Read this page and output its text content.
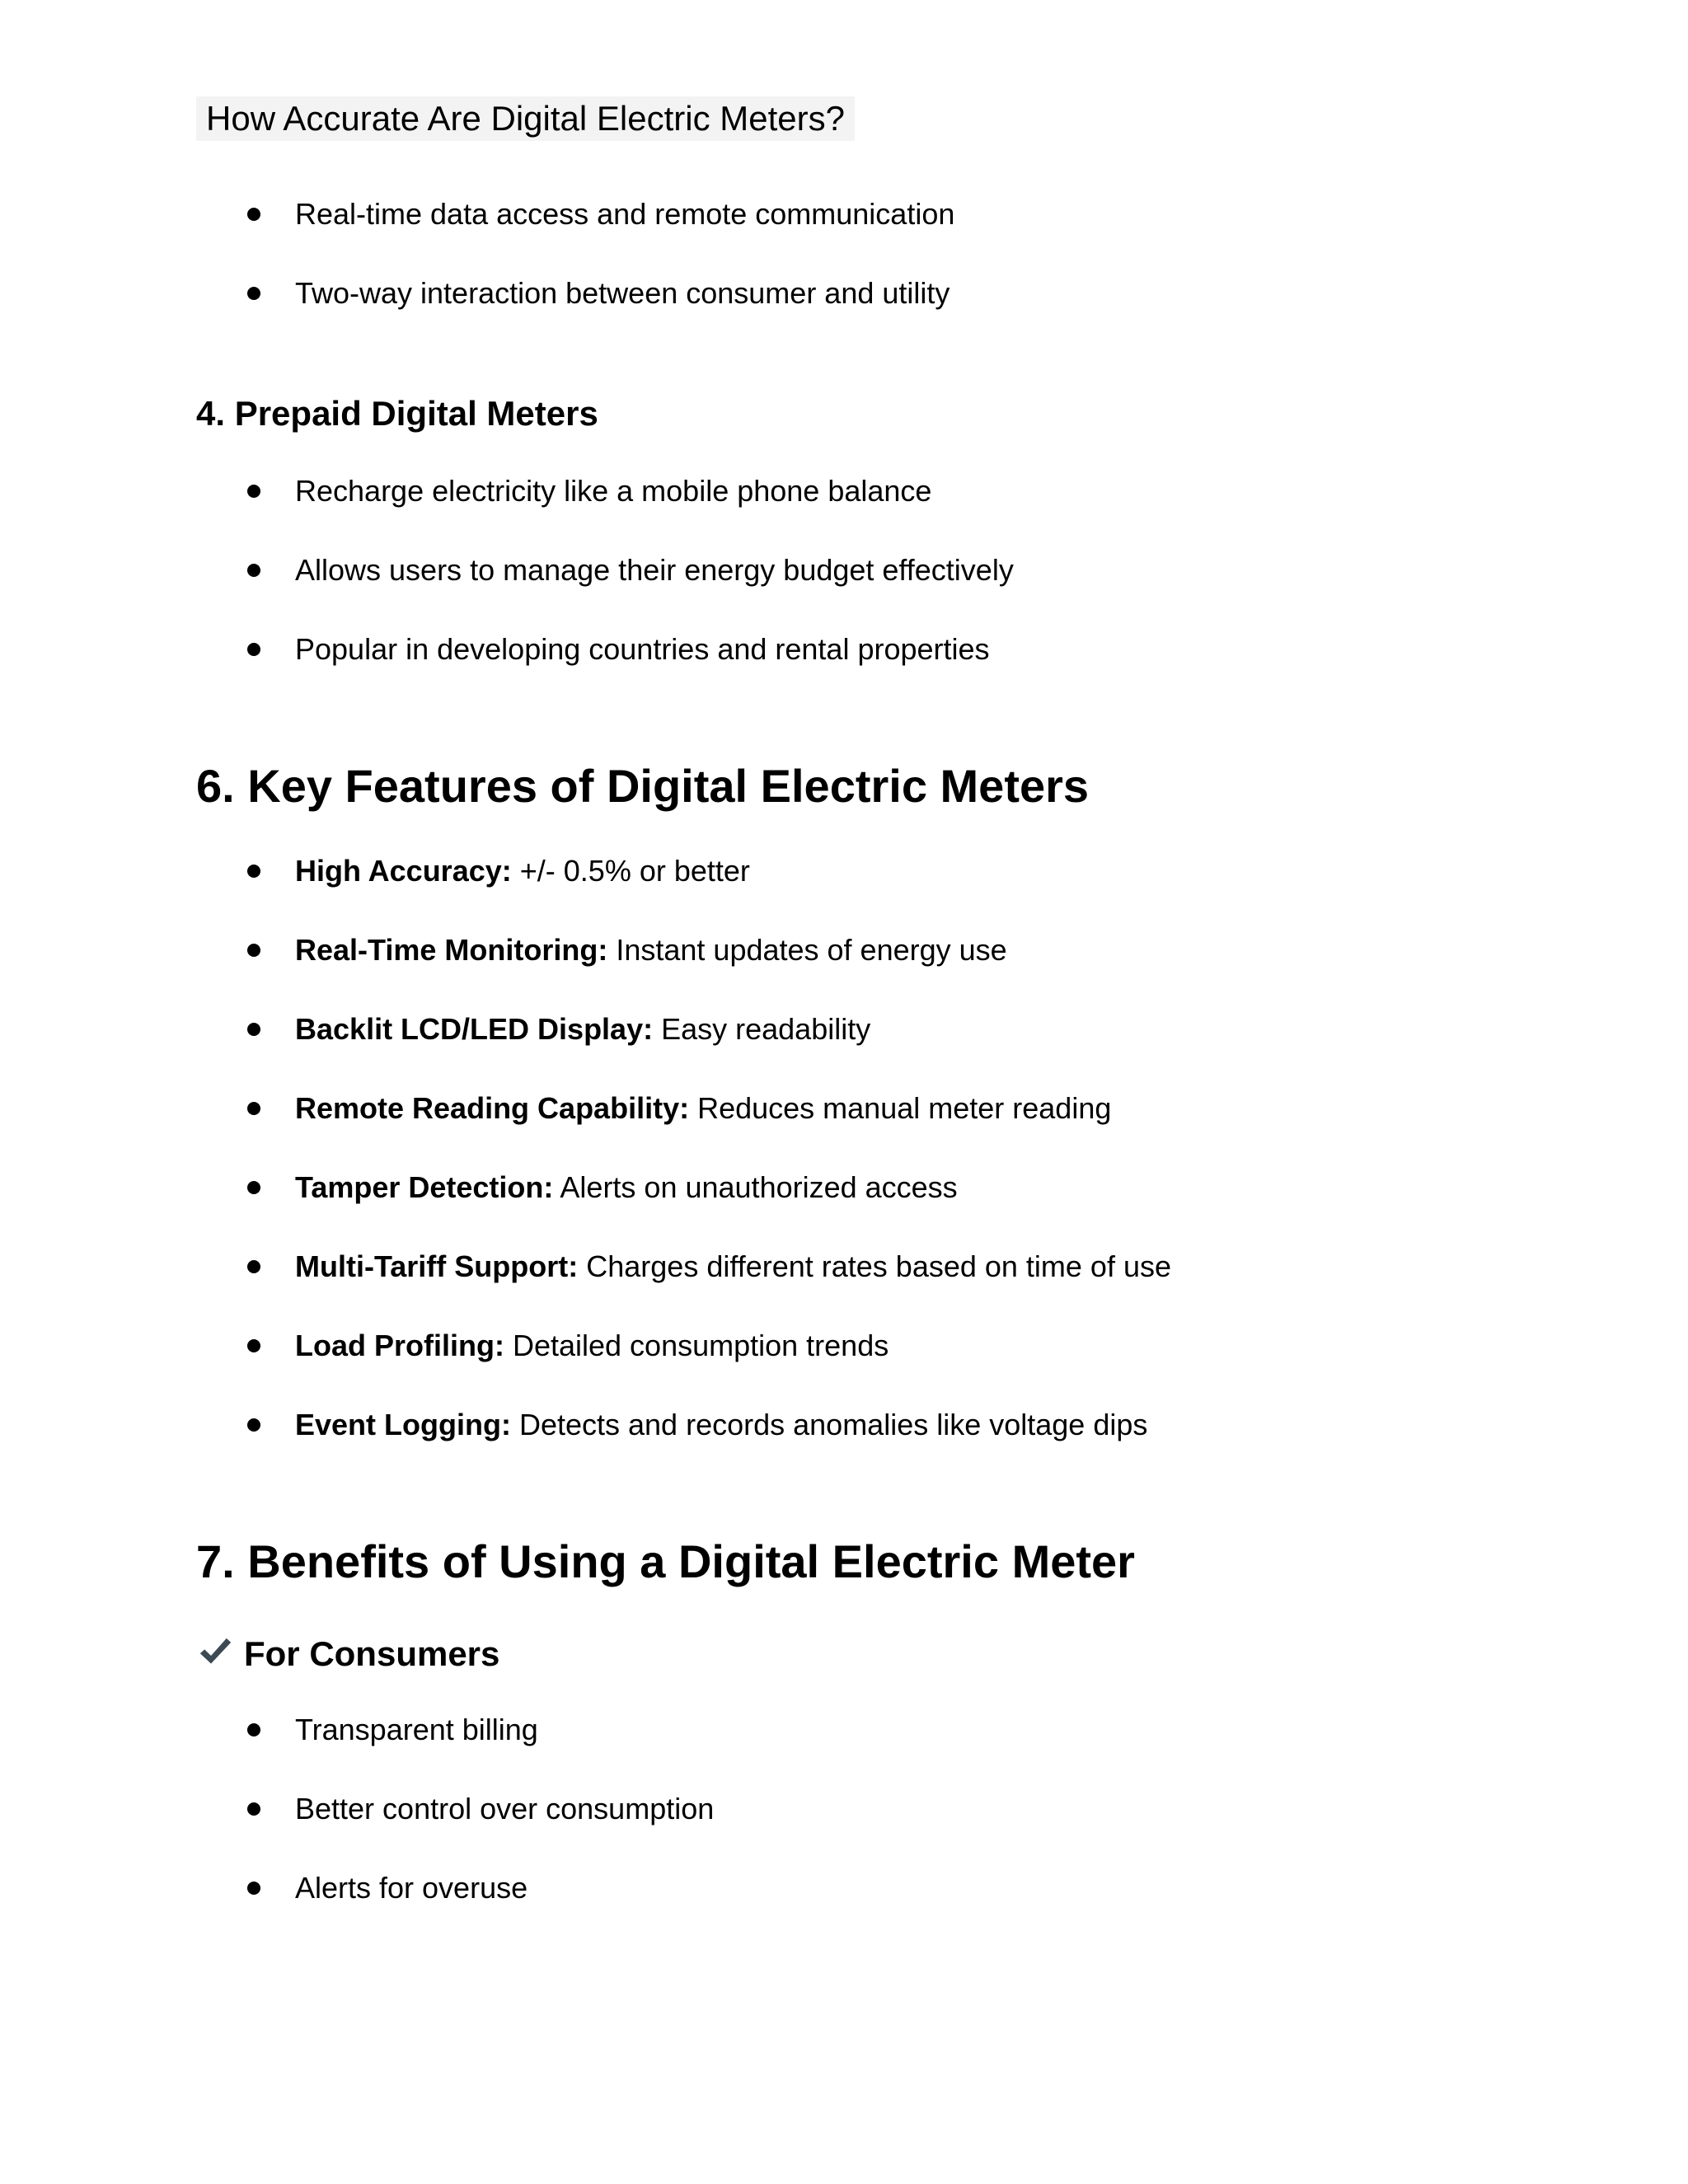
How Accurate Are Digital Electric Meters?
Real-time data access and remote communication
Two-way interaction between consumer and utility
4. Prepaid Digital Meters
Recharge electricity like a mobile phone balance
Allows users to manage their energy budget effectively
Popular in developing countries and rental properties
6. Key Features of Digital Electric Meters
High Accuracy: +/- 0.5% or better
Real-Time Monitoring: Instant updates of energy use
Backlit LCD/LED Display: Easy readability
Remote Reading Capability: Reduces manual meter reading
Tamper Detection: Alerts on unauthorized access
Multi-Tariff Support: Charges different rates based on time of use
Load Profiling: Detailed consumption trends
Event Logging: Detects and records anomalies like voltage dips
7. Benefits of Using a Digital Electric Meter
For Consumers
Transparent billing
Better control over consumption
Alerts for overuse
